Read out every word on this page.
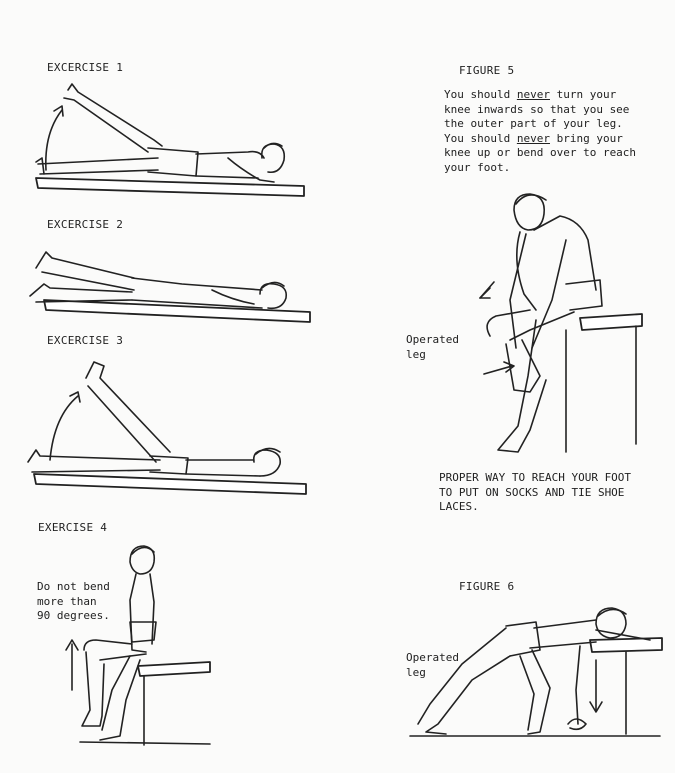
EXCERCISE 1
EXCERCISE 2
EXCERCISE 3
EXERCISE 4
Do not bend
more than
90 degrees.
FIGURE 5
You should never turn your
knee inwards so that you see
the outer part of your leg.
You should never bring your
knee up or bend over to reach
your foot.
Operated
leg
PROPER WAY TO REACH YOUR FOOT
TO PUT ON SOCKS AND TIE SHOE
LACES.
FIGURE 6
Operated
leg
